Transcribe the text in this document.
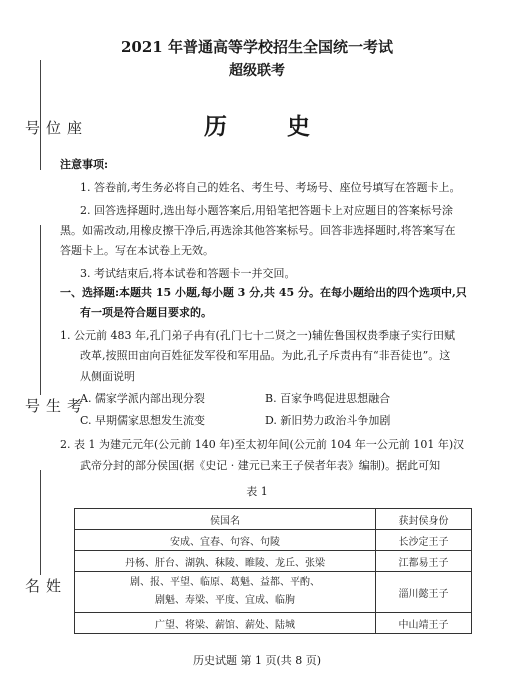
座位号
考生号
姓名
2021 年普通高等学校招生全国统一考试
超级联考
历 史
注意事项:
1. 答卷前,考生务必将自己的姓名、考生号、考场号、座位号填写在答题卡上。
2. 回答选择题时,选出每小题答案后,用铅笔把答题卡上对应题目的答案标号涂
黑。如需改动,用橡皮擦干净后,再选涂其他答案标号。回答非选择题时,将答案写在
答题卡上。写在本试卷上无效。
3. 考试结束后,将本试卷和答题卡一并交回。
一、选择题:本题共 15 小题,每小题 3 分,共 45 分。在每小题给出的四个选项中,只
有一项是符合题目要求的。
1. 公元前 483 年,孔门弟子冉有(孔门七十二贤之一)辅佐鲁国权贵季康子实行田赋
改革,按照田亩向百姓征发军役和军用品。为此,孔子斥责冉有“非吾徒也”。这
从侧面说明
A. 儒家学派内部出现分裂	B. 百家争鸣促进思想融合
C. 早期儒家思想发生流变	D. 新旧势力政治斗争加剧
2. 表 1 为建元元年(公元前 140 年)至太初年间(公元前 104 年一公元前 101 年)汉
武帝分封的部分侯国(据《史记 · 建元已来王子侯者年表》编制)。据此可知
表 1
侯国名	获封侯身份
安成、宜春、句容、句陵	长沙定王子
丹杨、肝台、湖孰、秣陵、睢陵、龙丘、张梁	江都易王子

剧、报、平望、临原、葛魁、益都、平酌、
剧魁、寿梁、平度、宜成、临朐	淄川懿王子
广望、将梁、薪馆、薪处、陆城	中山靖王子
历史试题 第 1 页(共 8 页)
